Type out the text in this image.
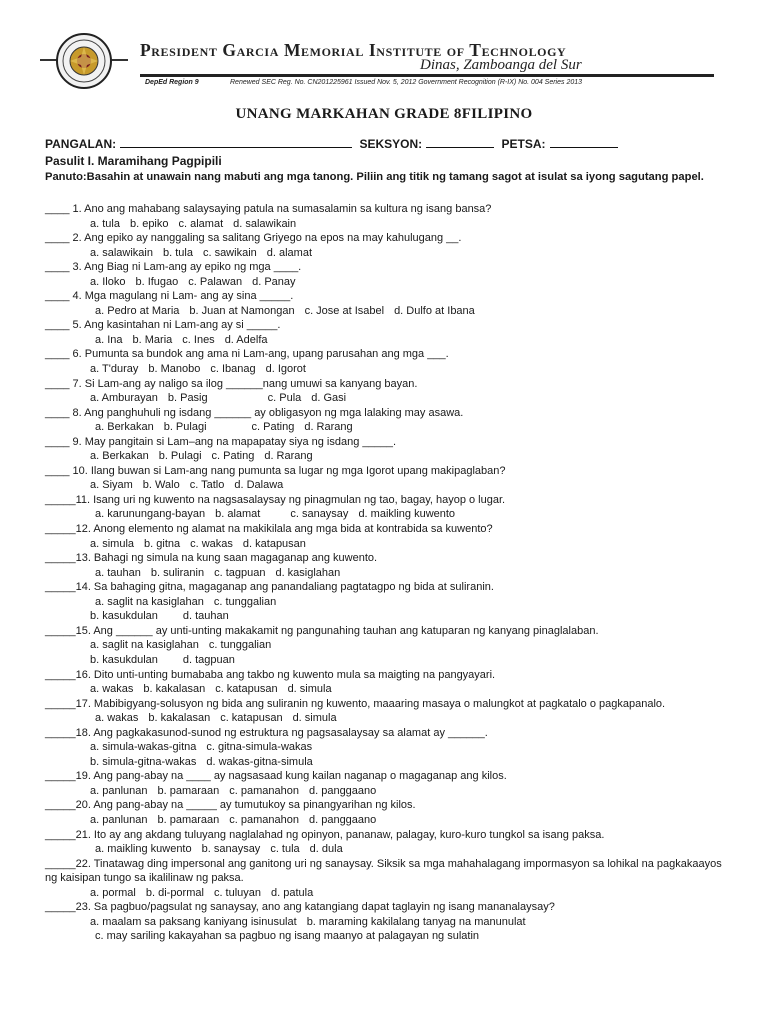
President Garcia Memorial Institute of Technology
Dinas, Zamboanga del Sur
DepEd Region 9	Renewed SEC Reg. No. CN201225961 Issued Nov. 5, 2012 Government Recognition (R-IX) No. 004 Series 2013
UNANG MARKAHAN GRADE 8FILIPINO
PANGALAN:	SEKSYON:	PETSA:
Pasulit I. Maramihang Pagpipili
Panuto:Basahin at unawain nang mabuti ang mga tanong. Piliin ang titik ng tamang sagot at isulat sa iyong sagutang papel.
____ 1. Ano ang mahabang salaysaying patula na sumasalamin sa kultura ng isang bansa?
a. tula b. epiko c. alamat d. salawikain
____ 2. Ang epiko ay nanggaling sa salitang Griyego na epos na may kahulugang __.
a. salawikain b. tula c. sawikain d. alamat
____ 3. Ang Biag ni Lam-ang ay epiko ng mga ____.
a. Iloko b. Ifugao c. Palawan d. Panay
____ 4. Mga magulang ni Lam- ang ay sina _____.
a. Pedro at Maria b. Juan at Namongan c. Jose at Isabel d. Dulfo at Ibana
____ 5. Ang kasintahan ni Lam-ang ay si _____.
a. Ina b. Maria c. Ines d. Adelfa
____ 6. Pumunta sa bundok ang ama ni Lam-ang, upang parusahan ang mga ___.
a. T'duray b. Manobo c. Ibanag d. Igorot
____ 7. Si Lam-ang ay naligo sa ilog ______nang umuwi sa kanyang bayan.
a. Amburayan b. Pasig	c. Pula d. Gasi
____ 8. Ang panghuhuli ng isdang ______ ay obligasyon ng mga lalaking may asawa.
a. Berkakan b. Pulagi	c. Pating d. Rarang
____ 9. May pangitain si Lam–ang na mapapatay siya ng isdang _____.
a. Berkakan b. Pulagi c. Pating d. Rarang
____ 10. Ilang buwan si Lam-ang nang pumunta sa lugar ng mga Igorot upang makipaglaban?
a. Siyam b. Walo c. Tatlo d. Dalawa
_____11. Isang uri ng kuwento na nagsasalaysay ng pinagmulan ng tao, bagay, hayop o lugar.
a. karunungang-bayan b. alamat	c. sanaysay d. maikling kuwento
_____12. Anong elemento ng alamat na makikilala ang mga bida at kontrabida sa kuwento?
a. simula b. gitna c. wakas d. katapusan
_____13. Bahagi ng simula na kung saan magaganap ang kuwento.
a. tauhan b. suliranin c. tagpuan d. kasiglahan
_____14. Sa bahaging gitna, magaganap ang panandaliang pagtatagpo ng bida at suliranin.
a. saglit na kasiglahan c. tunggalian
b. kasukdulan d. tauhan
_____15. Ang ______ ay unti-unting makakamit ng pangunahing tauhan ang katuparan ng kanyang pinaglalaban.
a. saglit na kasiglahan c. tunggalian
b. kasukdulan d. tagpuan
_____16. Dito unti-unting bumababa ang takbo ng kuwento mula sa maigting na pangyayari.
a. wakas b. kakalasan c. katapusan d. simula
_____17. Mabibigyang-solusyon ng bida ang suliranin ng kuwento, maaaring masaya o malungkot at pagkatalo o pagkapanalo.
a. wakas b. kakalasan c. katapusan d. simula
_____18. Ang pagkakasunod-sunod ng estruktura ng pagsasalaysay sa alamat ay ______.
a. simula-wakas-gitna c. gitna-simula-wakas
b. simula-gitna-wakas d. wakas-gitna-simula
_____19. Ang pang-abay na ____ ay nagsasaad kung kailan naganap o magaganap ang kilos.
a. panlunan b. pamaraan c. pamanahon d. panggaano
_____20. Ang pang-abay na _____ ay tumutukoy sa pinangyarihan ng kilos.
a. panlunan b. pamaraan c. pamanahon d. panggaano
_____21. Ito ay ang akdang tuluyang naglalahad ng opinyon, pananaw, palagay, kuro-kuro tungkol sa isang paksa.
a. maikling kuwento b. sanaysay c. tula d. dula
_____22. Tinatawag ding impersonal ang ganitong uri ng sanaysay. Siksik sa mga mahahalagang impormasyon sa lohikal na pagkakaayos ng kaisipan tungo sa ikalilinaw ng paksa.
a. pormal b. di-pormal c. tuluyan d. patula
_____23. Sa pagbuo/pagsulat ng sanaysay, ano ang katangiang dapat taglayin ng isang mananalaysay?
a. maalam sa paksang kaniyang isinusulat b. maraming kakilalang tanyag na manunulat
c. may sariling kakayahan sa pagbuo ng isang maanyo at palagayan ng sulatin
